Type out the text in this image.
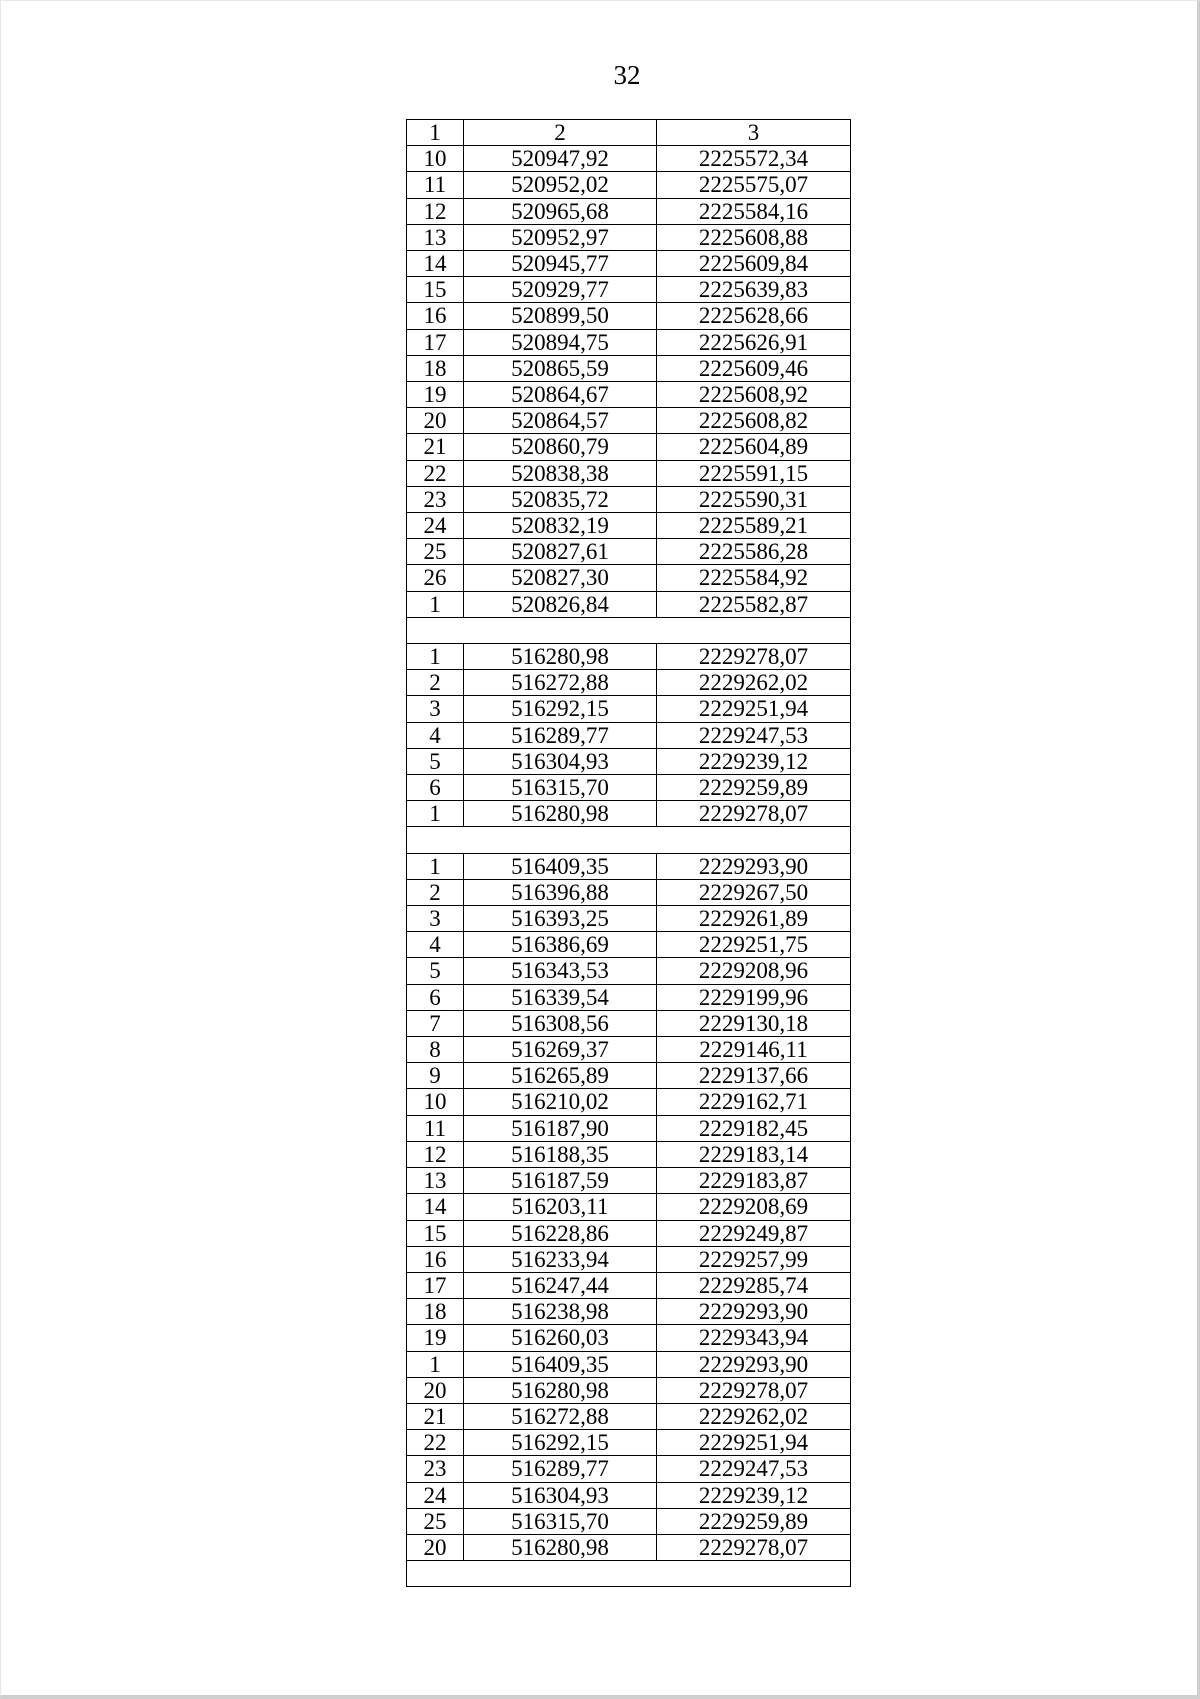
32
1	2	3
10	520947,92	2225572,34
11	520952,02	2225575,07
12	520965,68	2225584,16
13	520952,97	2225608,88
14	520945,77	2225609,84
15	520929,77	2225639,83
16	520899,50	2225628,66
17	520894,75	2225626,91
18	520865,59	2225609,46
19	520864,67	2225608,92
20	520864,57	2225608,82
21	520860,79	2225604,89
22	520838,38	2225591,15
23	520835,72	2225590,31
24	520832,19	2225589,21
25	520827,61	2225586,28
26	520827,30	2225584,92
1	520826,84	2225582,87

1	516280,98	2229278,07
2	516272,88	2229262,02
3	516292,15	2229251,94
4	516289,77	2229247,53
5	516304,93	2229239,12
6	516315,70	2229259,89
1	516280,98	2229278,07

1	516409,35	2229293,90
2	516396,88	2229267,50
3	516393,25	2229261,89
4	516386,69	2229251,75
5	516343,53	2229208,96
6	516339,54	2229199,96
7	516308,56	2229130,18
8	516269,37	2229146,11
9	516265,89	2229137,66
10	516210,02	2229162,71
11	516187,90	2229182,45
12	516188,35	2229183,14
13	516187,59	2229183,87
14	516203,11	2229208,69
15	516228,86	2229249,87
16	516233,94	2229257,99
17	516247,44	2229285,74
18	516238,98	2229293,90
19	516260,03	2229343,94
1	516409,35	2229293,90
20	516280,98	2229278,07
21	516272,88	2229262,02
22	516292,15	2229251,94
23	516289,77	2229247,53
24	516304,93	2229239,12
25	516315,70	2229259,89
20	516280,98	2229278,07
